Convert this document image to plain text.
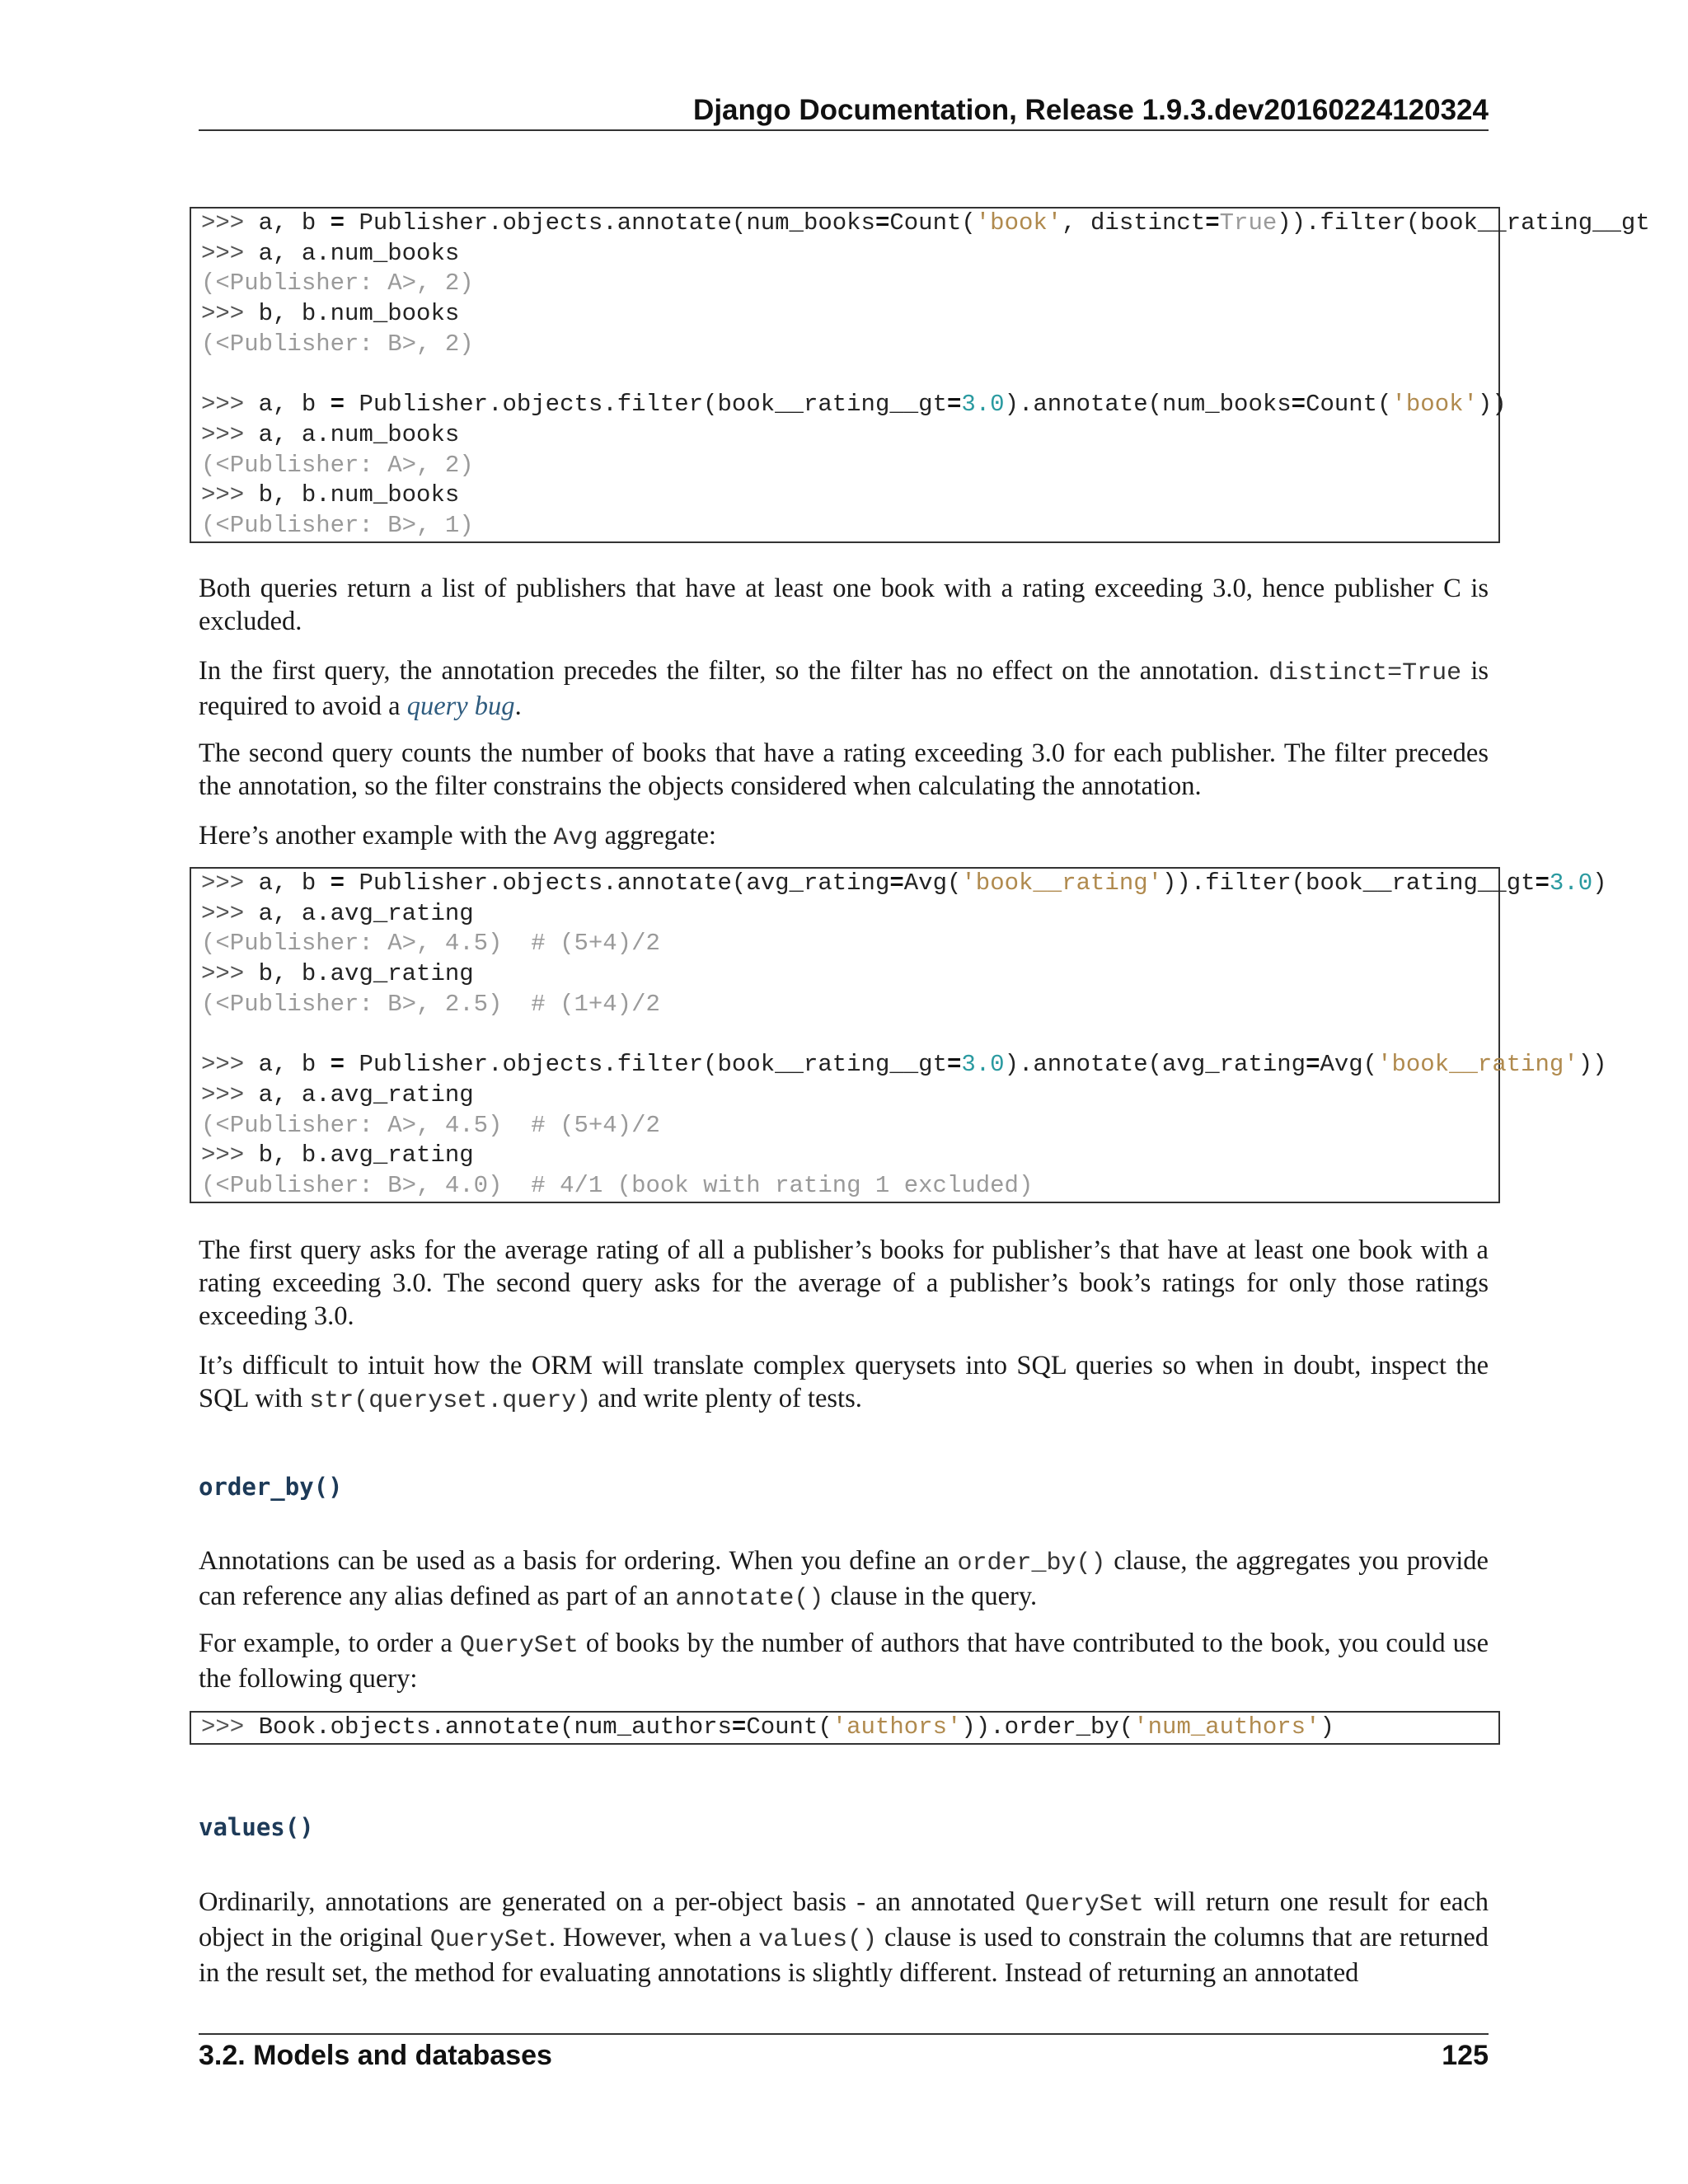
Django Documentation, Release 1.9.3.dev20160224120324
>>> a, b = Publisher.objects.annotate(num_books=Count('book', distinct=True)).filter(book__rating__gt
>>> a, a.num_books
(<Publisher: A>, 2)
>>> b, b.num_books
(<Publisher: B>, 2)
>>> a, b = Publisher.objects.filter(book__rating__gt=3.0).annotate(num_books=Count('book'))
>>> a, a.num_books
(<Publisher: A>, 2)
>>> b, b.num_books
(<Publisher: B>, 1)
Both queries return a list of publishers that have at least one book with a rating exceeding 3.0, hence publisher C is excluded.
In the first query, the annotation precedes the filter, so the filter has no effect on the annotation. distinct=True is required to avoid a query bug.
The second query counts the number of books that have a rating exceeding 3.0 for each publisher. The filter precedes the annotation, so the filter constrains the objects considered when calculating the annotation.
Here’s another example with the Avg aggregate:
>>> a, b = Publisher.objects.annotate(avg_rating=Avg('book__rating')).filter(book__rating__gt=3.0)
>>> a, a.avg_rating
(<Publisher: A>, 4.5)  # (5+4)/2
>>> b, b.avg_rating
(<Publisher: B>, 2.5)  # (1+4)/2
>>> a, b = Publisher.objects.filter(book__rating__gt=3.0).annotate(avg_rating=Avg('book__rating'))
>>> a, a.avg_rating
(<Publisher: A>, 4.5)  # (5+4)/2
>>> b, b.avg_rating
(<Publisher: B>, 4.0)  # 4/1 (book with rating 1 excluded)
The first query asks for the average rating of all a publisher’s books for publisher’s that have at least one book with a rating exceeding 3.0. The second query asks for the average of a publisher’s book’s ratings for only those ratings exceeding 3.0.
It’s difficult to intuit how the ORM will translate complex querysets into SQL queries so when in doubt, inspect the SQL with str(queryset.query) and write plenty of tests.
order_by()
Annotations can be used as a basis for ordering. When you define an order_by() clause, the aggregates you provide can reference any alias defined as part of an annotate() clause in the query.
For example, to order a QuerySet of books by the number of authors that have contributed to the book, you could use the following query:
>>> Book.objects.annotate(num_authors=Count('authors')).order_by('num_authors')
values()
Ordinarily, annotations are generated on a per-object basis - an annotated QuerySet will return one result for each object in the original QuerySet. However, when a values() clause is used to constrain the columns that are returned in the result set, the method for evaluating annotations is slightly different. Instead of returning an annotated
3.2. Models and databases	125
